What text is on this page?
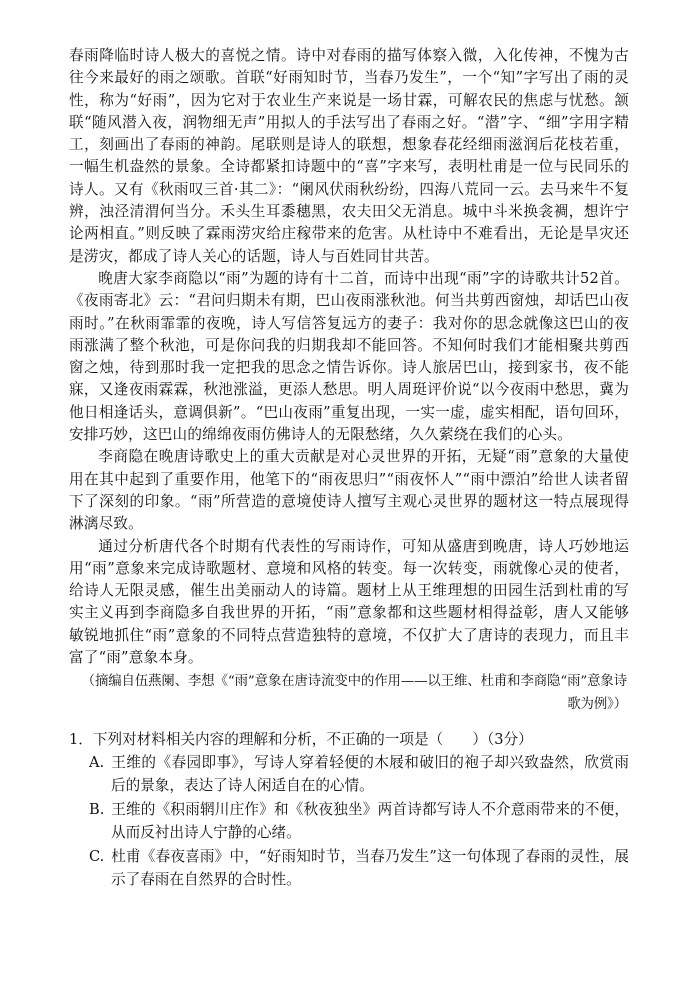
春雨降临时诗人极大的喜悦之情。诗中对春雨的描写体察入微，入化传神，不愧为古往今来最好的雨之颂歌。首联“好雨知时节，当春乃发生”，一个“知”字写出了雨的灵性，称为“好雨”，因为它对于农业生产来说是一场甘霖，可解农民的焦虑与忧愁。颔联“随风潜入夜，润物细无声”用拟人的手法写出了春雨之好。“潜”字、“细”字用字精工，刻画出了春雨的神韵。尾联则是诗人的联想，想象春花经细雨滋润后花枝若重，一幅生机盎然的景象。全诗都紧扣诗题中的“喜”字来写，表明杜甫是一位与民同乐的诗人。又有《秋雨叹三首·其二》：“阑风伏雨秋纷纷，四海八荒同一云。去马来牛不复辨，浊泾清渭何当分。禾头生耳黍穗黑，农夫田父无消息。城中斗米换衾裯，想许宁论两相直。”则反映了霖雨涝灾给庄稼带来的危害。从杜诗中不难看出，无论是旱灾还是涝灾，都成了诗人关心的话题，诗人与百姓同甘共苦。

晚唐大家李商隐以“雨”为题的诗有十二首，而诗中出现“雨”字的诗歌共计52首。《夜雨寄北》云：“君问归期未有期，巴山夜雨涨秋池。何当共剪西窗烛，却话巴山夜雨时。”在秋雨霏霏的夜晚，诗人写信答复远方的妻子：我对你的思念就像这巴山的夜雨涨满了整个秋池，可是你问我的归期我却不能回答。不知何时我们才能相聚共剪西窗之烛，待到那时我一定把我的思念之情告诉你。诗人旅居巴山，接到家书，夜不能寐，又逢夜雨霖霖，秋池涨溢，更添人愁思。明人周珽评价说“以今夜雨中愁思，冀为他日相逢话头，意调俱新”。“巴山夜雨”重复出现，一实一虚，虚实相配，语句回环，安排巧妙，这巴山的绵绵夜雨仿佛诗人的无限愁绪，久久萦绕在我们的心头。

李商隐在晚唐诗歌史上的重大贡献是对心灵世界的开拓，无疑“雨”意象的大量使用在其中起到了重要作用，他笔下的“雨夜思归”“雨夜怀人”“雨中漂泊”给世人读者留下了深刻的印象。“雨”所营造的意境使诗人擅写主观心灵世界的题材这一特点展现得淋漓尽致。

通过分析唐代各个时期有代表性的写雨诗作，可知从盛唐到晚唐，诗人巧妙地运用“雨”意象来完成诗歌题材、意境和风格的转变。每一次转变，雨就像心灵的使者，给诗人无限灵感，催生出美丽动人的诗篇。题材上从王维理想的田园生活到杜甫的写实主义再到李商隐多自我世界的开拓，“雨”意象都和这些题材相得益彰，唐人又能够敏锐地抓住“雨”意象的不同特点营造独特的意境，不仅扩大了唐诗的表现力，而且丰富了“雨”意象本身。

（摘编自伍燕阑、李想《“雨”意象在唐诗流变中的作用——以王维、杜甫和李商隐“雨”意象诗歌为例》）

1．下列对材料相关内容的理解和分析，不正确的一项是（　　）（3分）

A. 王维的《春园即事》，写诗人穿着轻便的木屐和破旧的袍子却兴致盎然，欣赏雨后的景象，表达了诗人闲适自在的心情。

B. 王维的《积雨辋川庄作》和《秋夜独坐》两首诗都写诗人不介意雨带来的不便，从而反衬出诗人宁静的心绪。

C. 杜甫《春夜喜雨》中，“好雨知时节，当春乃发生”这一句体现了春雨的灵性，展示了春雨在自然界的合时性。
